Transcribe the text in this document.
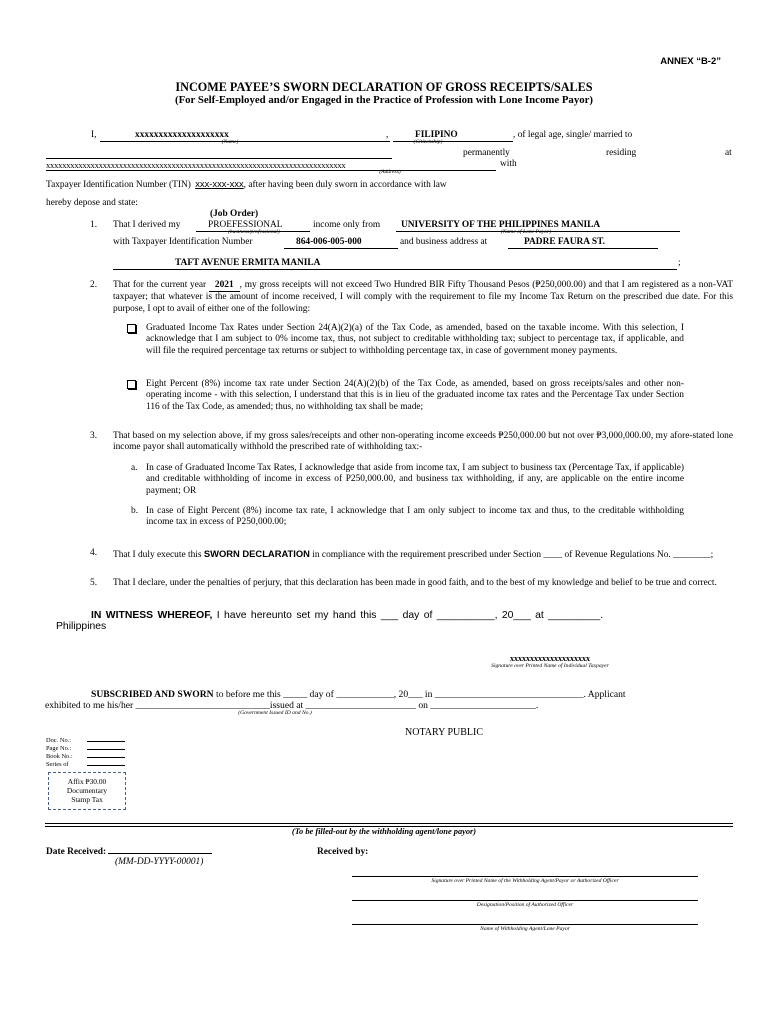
ANNEX “B-2”
INCOME PAYEE’S SWORN DECLARATION OF GROSS RECEIPTS/SALES
(For Self-Employed and/or Engaged in the Practice of Profession with Lone Income Payor)
I,	xxxxxxxxxxxxxxxxxxxx
(Name)
,	FILIPINO
(Citizenship)
, of legal age, single/ married to
permanently	residing	at
xxxxxxxxxxxxxxxxxxxxxxxxxxxxxxxxxxxxxxxxxxxxxxxxxxxxxxxxxxxxxxxxxxxxxxxxxx	with
(Address)
Taxpayer Identification Number (TIN) xxx-xxx-xxx, after having been duly sworn in accordance with law
hereby depose and state:
(Job Order)
1. That I derived my	PROEFESSIONAL
(business/professional)
income only from	UNIVERSITY OF THE PHILIPPINES MANILA
(Name of Lone Payor)
with Taxpayer Identification Number	864-006-005-000	and business address at	PADRE FAURA ST.
TAFT AVENUE ERMITA MANILA	;
2. That for the current year 2021 , my gross receipts will not exceed Two Hundred BIR Fifty Thousand Pesos (₱250,000.00) and that I am registered as a non-VAT taxpayer; that whatever is the amount of income received, I will comply with the requirement to file my Income Tax Return on the prescribed due date. For this purpose, I opt to avail of either one of the following:
Graduated Income Tax Rates under Section 24(A)(2)(a) of the Tax Code, as amended, based on the taxable income. With this selection, I acknowledge that I am subject to 0% income tax, thus, not subject to creditable withholding tax; subject to percentage tax, if applicable, and will file the required percentage tax returns or subject to withholding percentage tax, in case of government money payments.
Eight Percent (8%) income tax rate under Section 24(A)(2)(b) of the Tax Code, as amended, based on gross receipts/sales and other non-operating income - with this selection, I understand that this is in lieu of the graduated income tax rates and the Percentage Tax under Section 116 of the Tax Code, as amended; thus, no withholding tax shall be made;
3. That based on my selection above, if my gross sales/receipts and other non-operating income exceeds ₱250,000.00 but not over ₱3,000,000.00, my afore-stated lone income payor shall automatically withhold the prescribed rate of withholding tax:-
a. In case of Graduated Income Tax Rates, I acknowledge that aside from income tax, I am subject to business tax (Percentage Tax, if applicable) and creditable withholding of income in excess of P250,000.00, and business tax withholding, if any, are applicable on the entire income payment; OR
b. In case of Eight Percent (8%) income tax rate, I acknowledge that I am only subject to income tax and thus, to the creditable withholding income tax in excess of P250,000.00;
4. That I duly execute this SWORN DECLARATION in compliance with the requirement prescribed under Section ____ of Revenue Regulations No. ________;
5. That I declare, under the penalties of perjury, that this declaration has been made in good faith, and to the best of my knowledge and belief to be true and correct.
IN WITNESS WHEREOF, I have hereunto set my hand this ___ day of __________, 20___ at _________.
Philippines
xxxxxxxxxxxxxxxxxxxx
Signature over Printed Name of Individual Taxpayer
SUBSCRIBED AND SWORN to before me this _____ day of ____________, 20___ in _______________________________. Applicant
exhibited to me his/her ____________________________issued at _______________________ on ______________________.
(Government Issued ID and No.)
NOTARY PUBLIC
Doc. No.:
Page No.:
Book No.:
Series of
Affix ₱30.00
Documentary
Stamp Tax
(To be filled-out by the withholding agent/lone payor)
Date Received:
(MM-DD-YYYY-00001)
Received by:
Signature over Printed Name of the Withholding Agent/Payor or Authorized Officer
Designation/Position of Authorized Officer
Name of Withholding Agent/Lone Payor
